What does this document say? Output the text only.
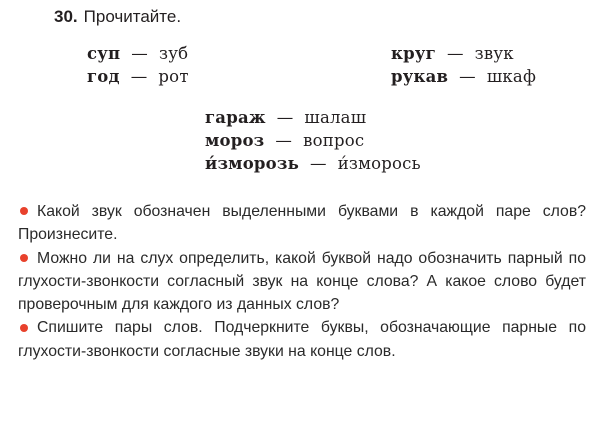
30. Прочитайте.
суп — зуб
год — рот
круг — звук
рукав — шкаф
гараж — шалаш
мороз — вопрос
и́зморозь — и́зморось
Какой звук обозначен выделенными буквами в каждой паре слов? Произнесите.
Можно ли на слух определить, какой буквой надо обозначить парный по глухости-звонкости согласный звук на конце слова? А какое слово будет проверочным для каждого из данных слов?
Спишите пары слов. Подчеркните буквы, обозначающие парные по глухости-звонкости согласные звуки на конце слов.
